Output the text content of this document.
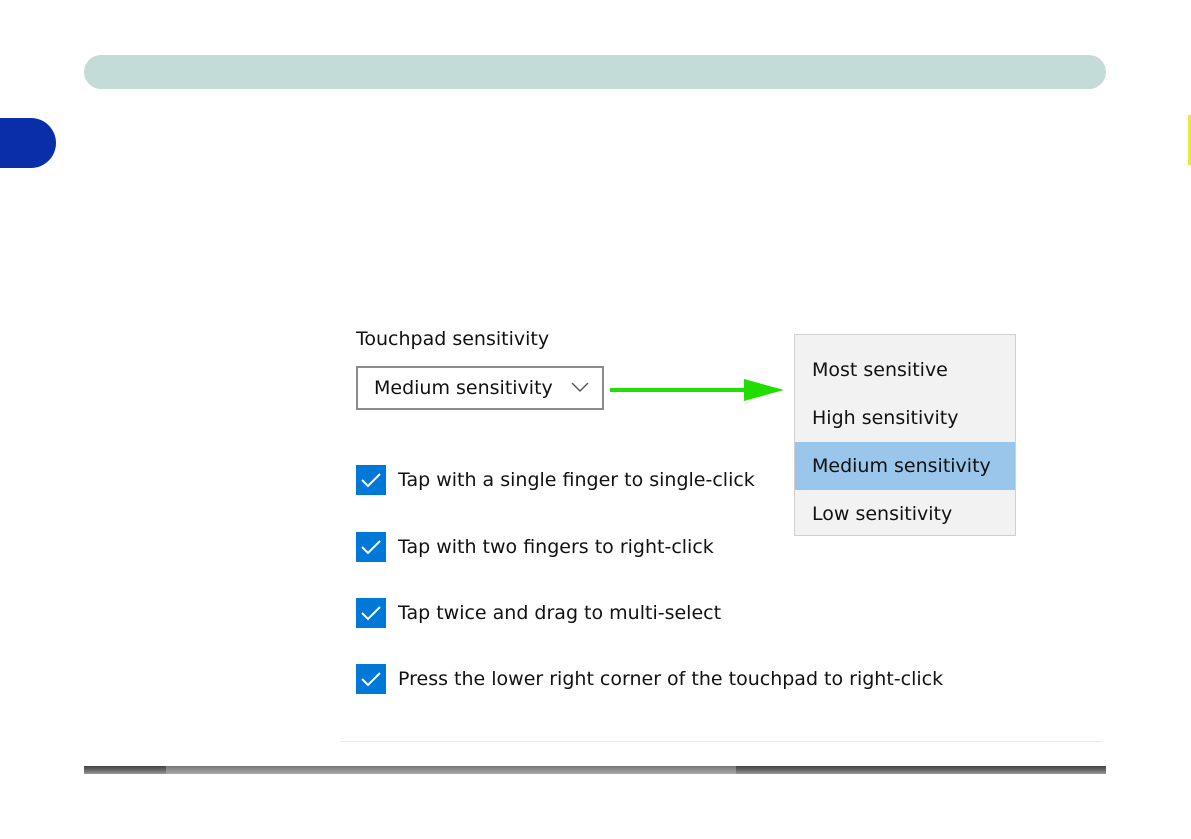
Touchpad sensitivity
Medium sensitivity
Most sensitive
High sensitivity
Medium sensitivity
Low sensitivity
Tap with a single finger to single-click
Tap with two fingers to right-click
Tap twice and drag to multi-select
Press the lower right corner of the touchpad to right-click
